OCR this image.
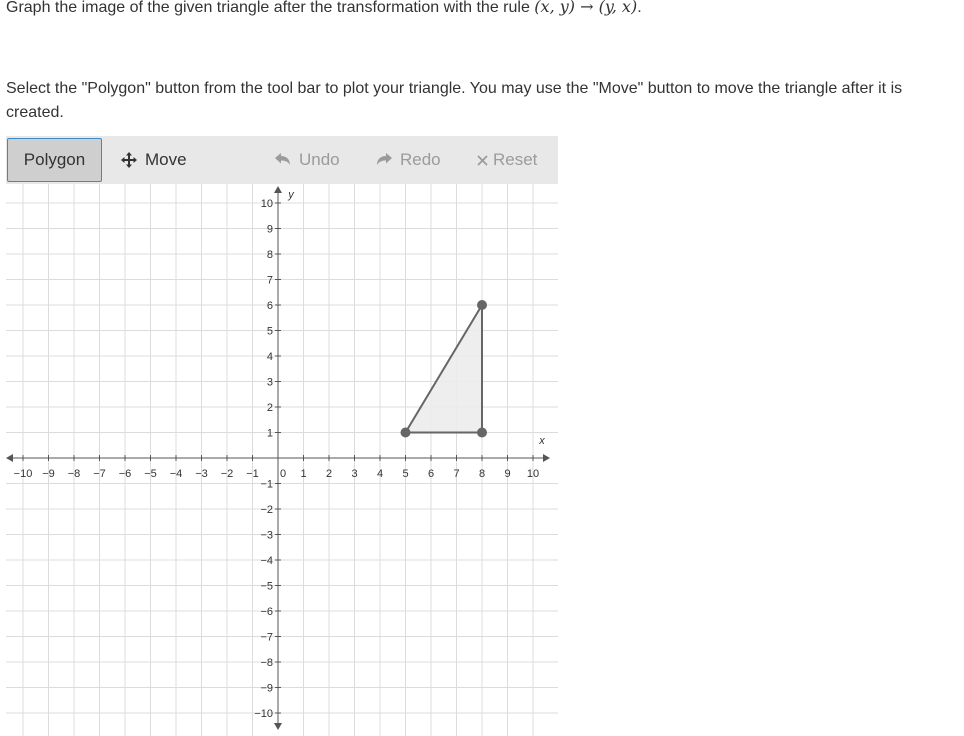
Graph the image of the given triangle after the transformation with the rule (x, y) → (y, x).

Select the "Polygon" button from the tool bar to plot your triangle. You may use the "Move" button to move the triangle after it is created.

Polygon	Move	Undo	Redo	Reset
−10 −9 −8 −7 −6 −5 −4 −3 −2 −1 0 1 2 3 4 5 6 7 8 9 10
−10
−9
−8
−7
−6
−5
−4
−3
−2
−1
1
2
3
4
5
6
7
8
9
10
x
y
